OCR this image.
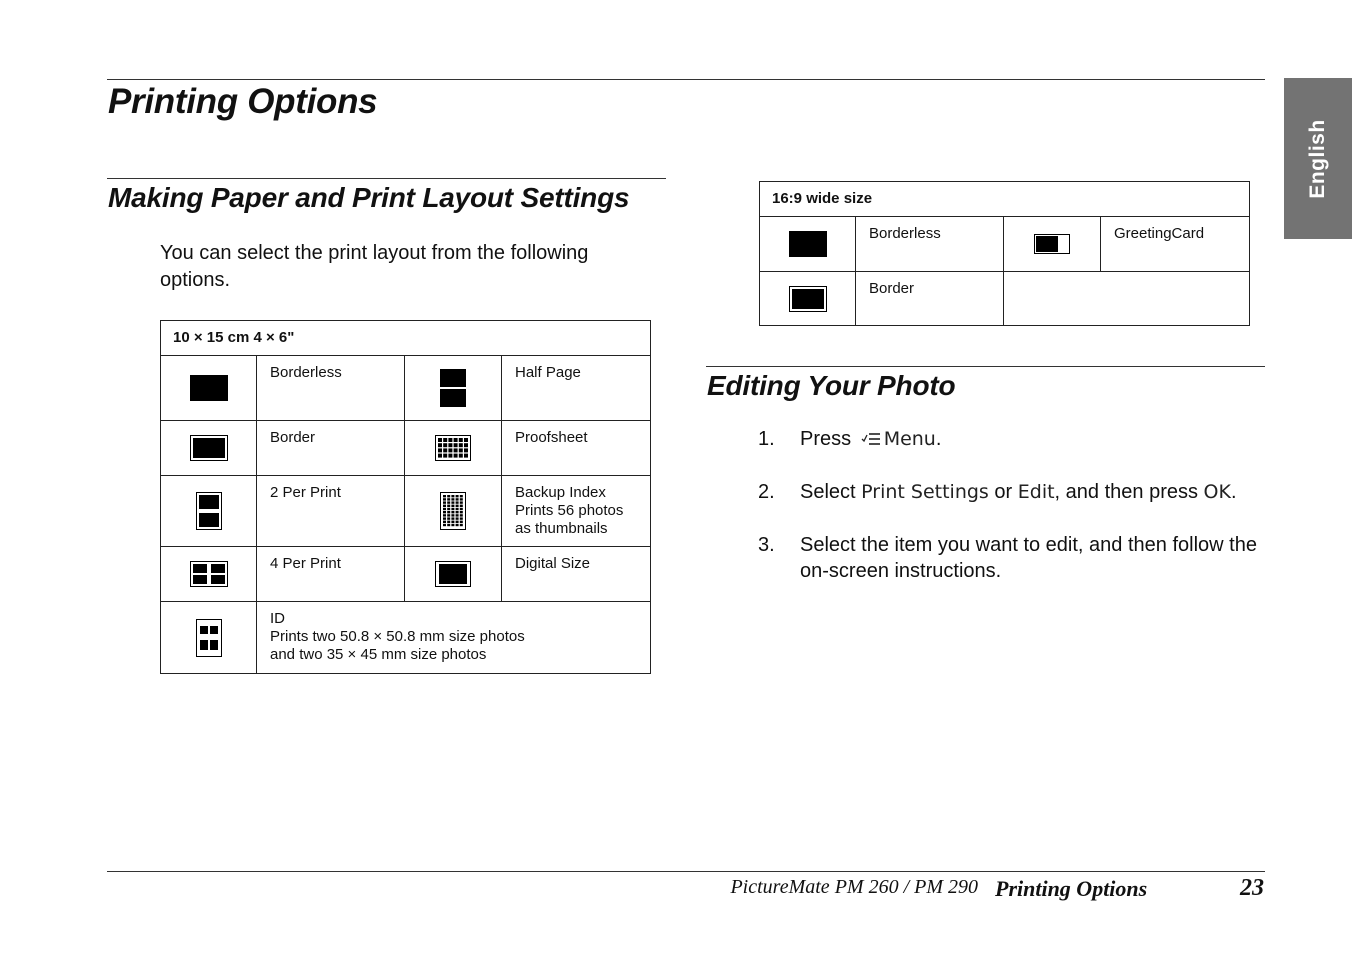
Printing Options
English
Making Paper and Print Layout Settings

You can select the print layout from the following options.

10 × 15 cm 4 × 6"			
	Borderless		Half Page
	Border		Proofsheet
	2 Per Print		Backup Index
Prints 56 photos
as thumbnails
	4 Per Print		Digital Size
	ID
Prints two 50.8 × 50.8 mm size photos
and two 35 × 45 mm size photos		
16:9 wide size			
	Borderless		GreetingCard
	Border		
Editing Your Photo
1. Press Menu.
2. Select Print Settings or Edit, and then press OK.
3. Select the item you want to edit, and then follow the on-screen instructions.
PictureMate PM 260 / PM 290 Printing Options	23
